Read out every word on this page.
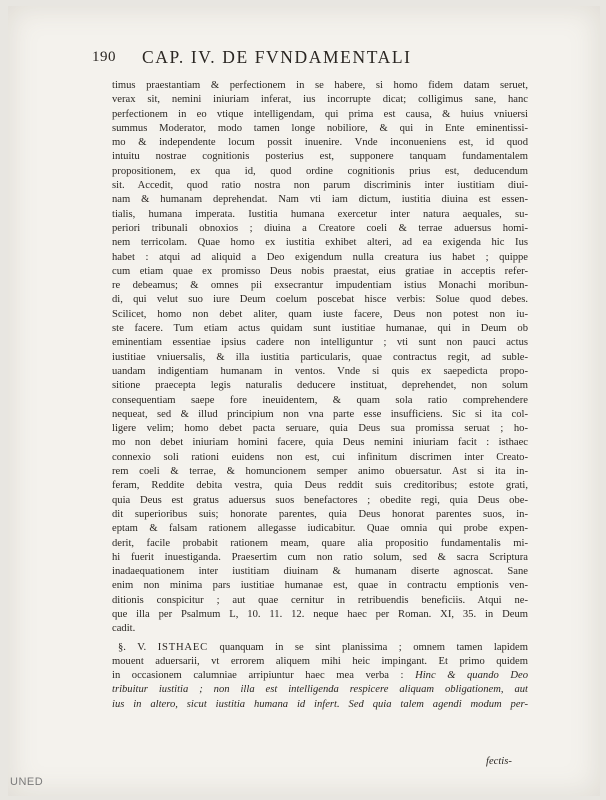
190 CAP. IV. DE FVNDAMENTALI
timus praestantiam & perfectionem in se habere, si homo fidem datam seruet,
verax sit, nemini iniuriam inferat, ius incorrupte dicat; colligimus sane, hanc
perfectionem in eo vtique intelligendam, qui prima est causa, & huius vniuersi
summus Moderator, modo tamen longe nobiliore, & qui in Ente eminentissi-
mo & independente locum possit inuenire. Vnde inconueniens est, id quod
intuitu nostrae cognitionis posterius est, supponere tanquam fundamentalem
propositionem, ex qua id, quod ordine cognitionis prius est, deducendum
sit. Accedit, quod ratio nostra non parum discriminis inter iustitiam diui-
nam & humanam deprehendat. Nam vti iam dictum, iustitia diuina est essen-
tialis, humana imperata. Iustitia humana exercetur inter natura aequales, su-
periori tribunali obnoxios ; diuina a Creatore coeli & terrae aduersus homi-
nem terricolam. Quae homo ex iustitia exhibet alteri, ad ea exigenda hic Ius
habet : atqui ad aliquid a Deo exigendum nulla creatura ius habet ; quippe
cum etiam quae ex promisso Deus nobis praestat, eius gratiae in acceptis refer-
re debeamus; & omnes pii exsecrantur impudentiam istius Monachi moribun-
di, qui velut suo iure Deum coelum poscebat hisce verbis: Solue quod debes.
Scilicet, homo non debet aliter, quam iuste facere, Deus non potest non iu-
ste facere. Tum etiam actus quidam sunt iustitiae humanae, qui in Deum ob
eminentiam essentiae ipsius cadere non intelliguntur ; vti sunt non pauci actus
iustitiae vniuersalis, & illa iustitia particularis, quae contractus regit, ad suble-
uandam indigentiam humanam in ventos. Vnde si quis ex saepedicta propo-
sitione praecepta legis naturalis deducere instituat, deprehendet, non solum
consequentiam saepe fore ineuidentem, & quam sola ratio comprehendere
nequeat, sed & illud principium non vna parte esse insufficiens. Sic si ita col-
ligere velim; homo debet pacta seruare, quia Deus sua promissa seruat ; ho-
mo non debet iniuriam homini facere, quia Deus nemini iniuriam facit : isthaec
connexio soli rationi euidens non est, cui infinitum discrimen inter Creato-
rem coeli & terrae, & homuncionem semper animo obuersatur. Ast si ita in-
feram, Reddite debita vestra, quia Deus reddit suis creditoribus; estote grati,
quia Deus est gratus aduersus suos benefactores ; obedite regi, quia Deus obe-
dit superioribus suis; honorate parentes, quia Deus honorat parentes suos, in-
eptam & falsam rationem allegasse iudicabitur. Quae omnia qui probe expen-
derit, facile probabit rationem meam, quare alia propositio fundamentalis mi-
hi fuerit inuestiganda. Praesertim cum non ratio solum, sed & sacra Scriptura
inadaequationem inter iustitiam diuinam & humanam diserte agnoscat. Sane
enim non minima pars iustitiae humanae est, quae in contractu emptionis ven-
ditionis conspicitur ; aut quae cernitur in retribuendis beneficiis. Atqui ne-
que illa per Psalmum L, 10. 11. 12. neque haec per Roman. XI, 35. in Deum
cadit.
§. V. ISTHAEC quanquam in se sint planissima ; omnem tamen lapidem
mouent aduersarii, vt errorem aliquem mihi heic impingant. Et primo quidem
in occasionem calumniae arripiuntur haec mea verba : Hinc & quando Deo
tribuitur iustitia ; non illa est intelligenda respicere aliquam obligationem, aut
ius in altero, sicut iustitia humana id infert. Sed quia talem agendi modum per-
fectis-
UNED
